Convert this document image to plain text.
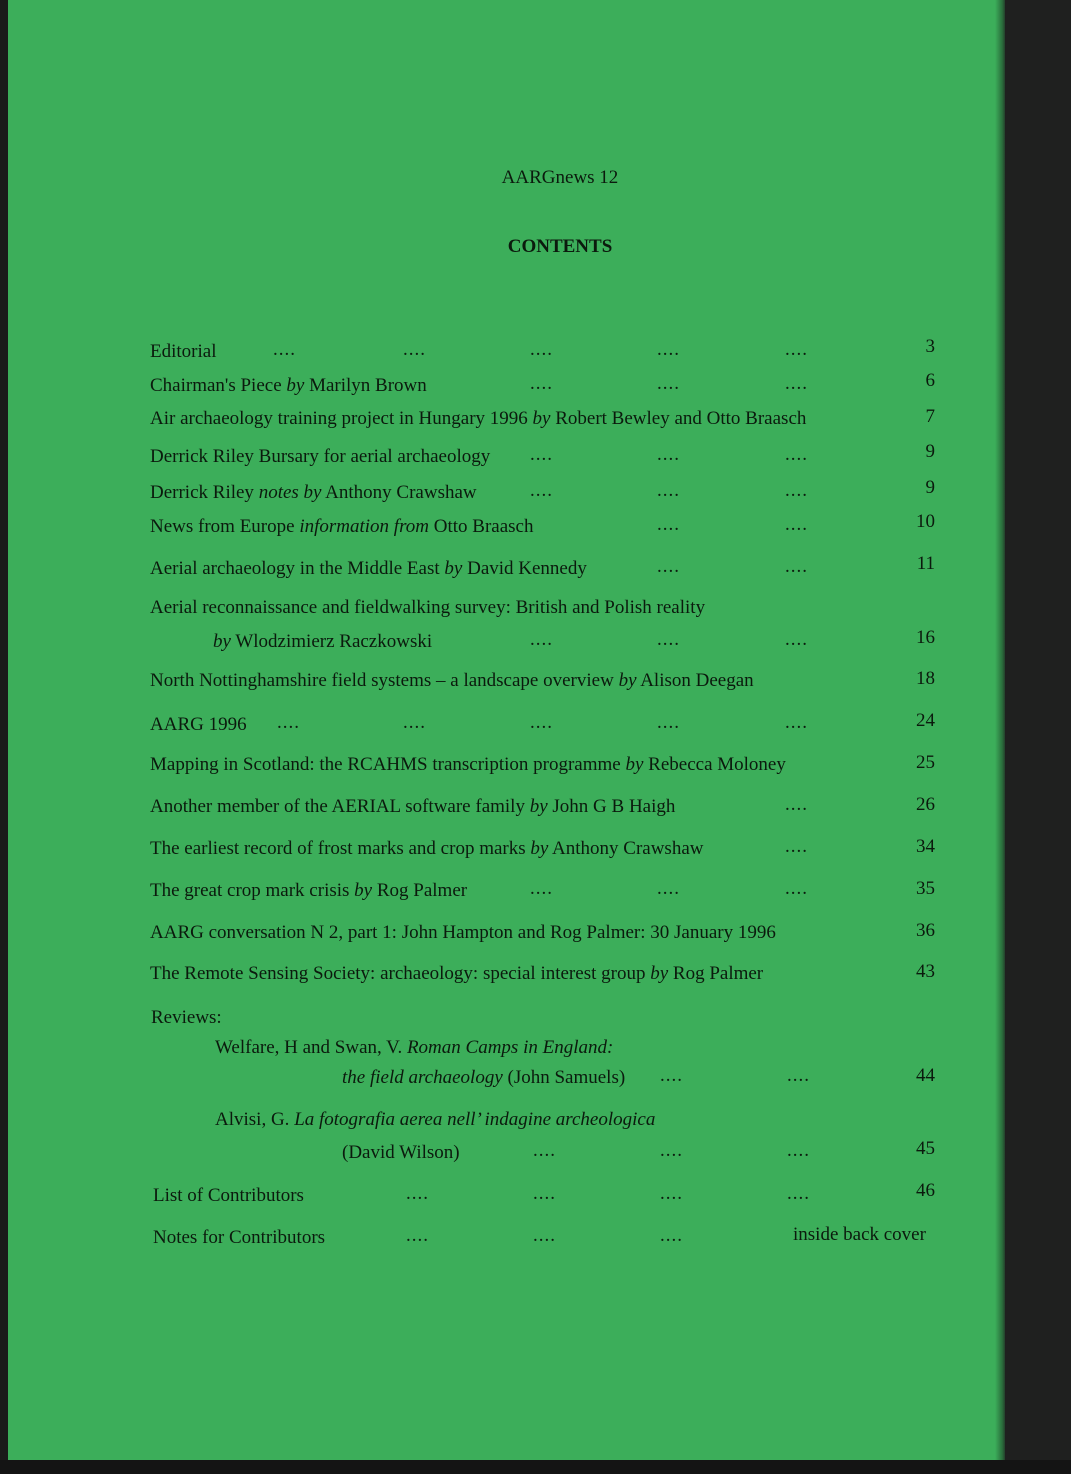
AARGnews 12
CONTENTS
Editorial	....	....	....	....	....	3
Chairman's Piece by Marilyn Brown	....	....	....	6
Air archaeology training project in Hungary 1996 by Robert Bewley and Otto Braasch	7
Derrick Riley Bursary for aerial archaeology ....	....	....	9
Derrick Riley notes by Anthony Crawshaw	....	....	....	9
News from Europe information from Otto Braasch	....	....	10
Aerial archaeology in the Middle East by David Kennedy	....	....	11
Aerial reconnaissance and fieldwalking survey: British and Polish reality
by Wlodzimierz Raczkowski	....	....	....	16
North Nottinghamshire field systems – a landscape overview by Alison Deegan	18
AARG 1996 ....	....	....	....	....	24
Mapping in Scotland: the RCAHMS transcription programme by Rebecca Moloney	25
Another member of the AERIAL software family by John G B Haigh	....	26
The earliest record of frost marks and crop marks by Anthony Crawshaw	....	34
The great crop mark crisis by Rog Palmer	....	....	....	35
AARG conversation N 2, part 1: John Hampton and Rog Palmer: 30 January 1996	36
The Remote Sensing Society: archaeology: special interest group by Rog Palmer	43
Reviews:
Welfare, H and Swan, V. Roman Camps in England:
the field archaeology (John Samuels) ....	....	44
Alvisi, G. La fotografia aerea nell’ indagine archeologica
(David Wilson)	....	....	....	45
List of Contributors	....	....	....	....	46
Notes for Contributors	....	....	....	inside back cover
